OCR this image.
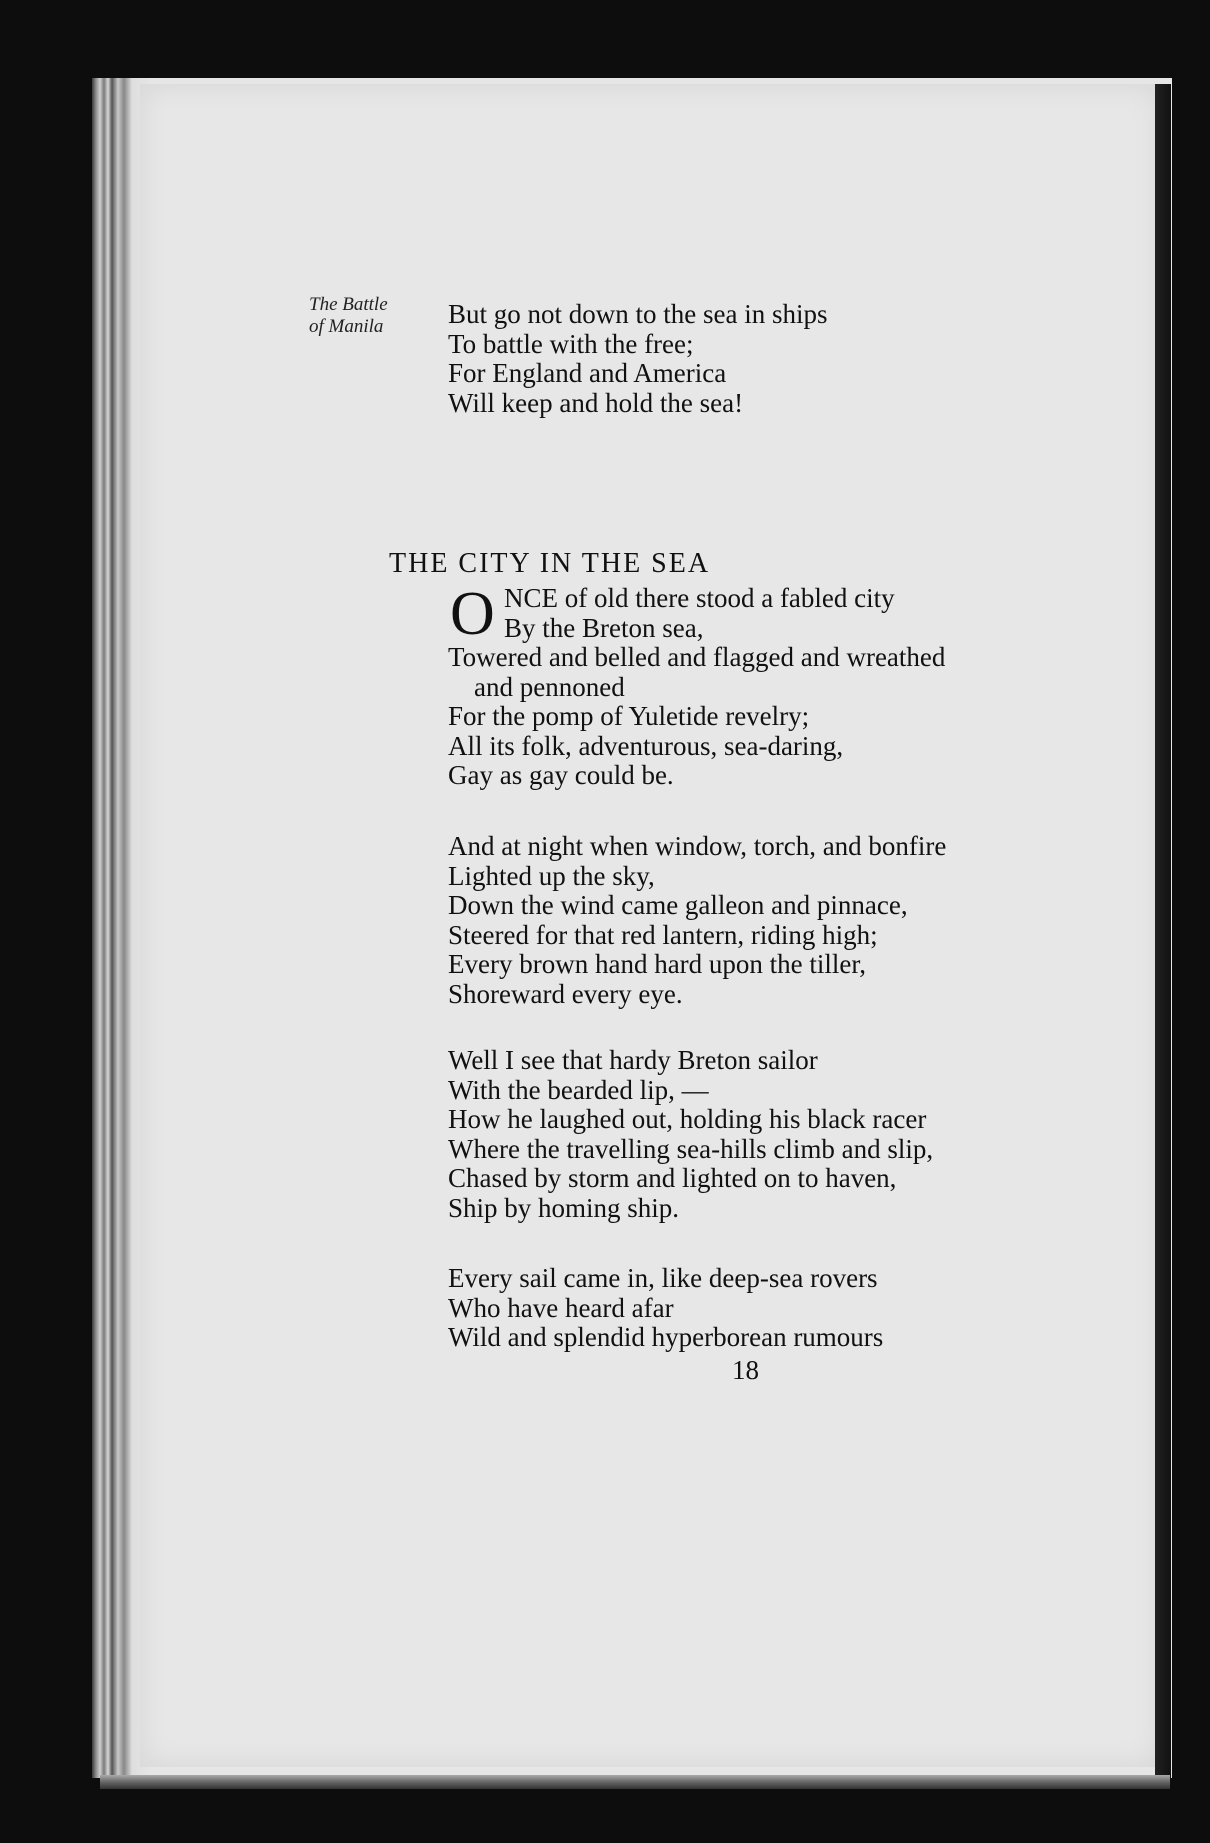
The Battle
of Manila But go not down to the sea in ships
To battle with the free;
For England and America
Will keep and hold the sea!
THE CITY IN THE SEA
O NCE of old there stood a fabled city
By the Breton sea,
Towered and belled and flagged and wreathed
and pennoned
For the pomp of Yuletide revelry;
All its folk, adventurous, sea-daring,
Gay as gay could be.
And at night when window, torch, and bonfire
Lighted up the sky,
Down the wind came galleon and pinnace,
Steered for that red lantern, riding high;
Every brown hand hard upon the tiller,
Shoreward every eye.
Well I see that hardy Breton sailor
With the bearded lip, —
How he laughed out, holding his black racer
Where the travelling sea-hills climb and slip,
Chased by storm and lighted on to haven,
Ship by homing ship.
Every sail came in, like deep-sea rovers
Who have heard afar
Wild and splendid hyperborean rumours
18
